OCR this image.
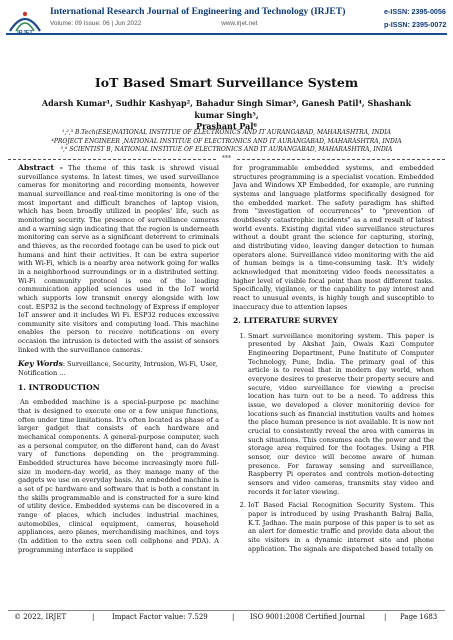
International Research Journal of Engineering and Technology (IRJET)	e-ISSN: 2395-0056
Volume: 09 Issue: 06 | Jun 2022	www.irjet.net	p-ISSN: 2395-0072
IoT Based Smart Surveillance System
Adarsh Kumar¹, Sudhir Kashyap², Bahadur Singh Simar³, Ganesh Patil⁴, Shashank kumar Singh⁵,
Prashant Pal⁶
¹,²,³ B.Tech(ESE)NATIONAL INSTITUE OF ELECTRONICS AND IT AURANGABAD, MAHARASHTRA, INDIA
⁴PROJECT ENGINEER ,NATIONAL INSTITUE OF ELECTRONICS AND IT AURANGABAD, MAHARASHTRA, INDIA
⁵,⁶ SCIENTIST B, NATIONAL INSTITUE OF ELECTRONICS AND IT AURANGABAD, MAHARASHTRA, INDIA
***

Abstract - The theme of this task is shrewd visual surveillance systems. In latest times, we used surveillance cameras for monitoring and recording moments, however manual surveillance and real-time monitoring is one of the most important and difficult branches of laptop vision, which has been broadly utilized in peoples' life, such as monitoring security. The presence of surveillance cameras and a warning sign indicating that the region is underneath monitoring can serve as a significant deterrent to criminals and thieves, as the recorded footage can be used to pick out humans and hint their activities. It can be extra superior with Wi-Fi, which is a nearby area network going for walks in a neighborhood surroundings or in a distributed setting. Wi-Fi community protocol is one of the leading communication applied sciences used in the IoT world which supports low transmit energy alongside with low cost. ESP32 is the second technology of Express if employer IoT answer and it includes Wi Fi. ESP32 reduces excessive community site visitors and computing load. This machine enables the person to receive notifications on every occasion the intrusion is detected with the assist of sensors linked with the surveillance cameras.

Key Words: Surveillance, Security, Intrusion, Wi-Fi, User, Notification ...

1. INTRODUCTION

An embedded machine is a special-purpose pc machine that is designed to execute one or a few unique functions, often under time limitations. It's often located as phase of a larger gadget that consists of each hardware and mechanical components. A general-purpose computer, such as a personal computer, on the different hand, can do Avast vary of functions depending on the programming. Embedded structures have become increasingly more full-size in modern-day world, as they manage many of the gadgets we use on everyday basis. An embedded machine is a set of pc hardware and software that is both a constant in the skills programmable and is constructed for a sure kind of utility device. Embedded systems can be discovered in a range of places, which includes industrial machines, automobiles, clinical equipment, cameras, household appliances, aero planes, merchandising machines, and toys (In addition to the extra seen cell cellphone and PDA). A programming interface is supplied

for programmable embedded systems, and embedded structures programming is a specialist vocation. Embedded Java and Windows XP Embedded, for example, are running systems and language platforms specifically designed for the embedded market. The safety paradigm has shifted from "investigation of occurrences" to "prevention of doubtlessly catastrophic incidents" as a end result of latest world events. Existing digital video surveillance structures without a doubt grant the science for capturing, storing, and distributing video, leaving danger detection to human operators alone. Surveillance video monitoring with the aid of human beings is a time-consuming task. It's widely acknowledged that monitoring video feeds necessitates a higher level of visible focal point than most different tasks. Specifically, vigilance, or the capability to pay interest and react to unusual events, is highly tough and susceptible to inaccuracy due to attention lapses

2. LITERATURE SURVEY
1. Smart surveillance monitoring system. This paper is presented by Akshat Jain, Owais Kazi Computer Engineering Department, Pune Institute of Computer Technology, Pune, India. The primary goal of this article is to reveal that in modern day world, when everyone desires to preserve their property secure and secure, video surveillance for viewing a precise location has turn out to be a need. To address this issue, we developed a clever monitoring device for locations such as financial institution vaults and homes the place human presence is not available. It is now not crucial to consistently reveal the area with cameras in such situations. This consumes each the power and the storage area required for the footages. Using a PIR sensor, our device will become aware of human presence. For faraway sensing and surveillance, Raspberry Pi operates and controls motion-detecting sensors and video cameras, transmits stay video and records it for later viewing.
2. IoT Based Facial Recognition Security System. This paper is introduced by using Prashanth Balraj Balla, K.T. Jadhao. The main purpose of this paper is to set as an alert for domestic traffic and provide data about the site visitors in a dynamic internet site and phone application. The signals are dispatched based totally on
© 2022, IRJET	|	Impact Factor value: 7.529	| ISO 9001:2008 Certified Journal	| Page 1683
